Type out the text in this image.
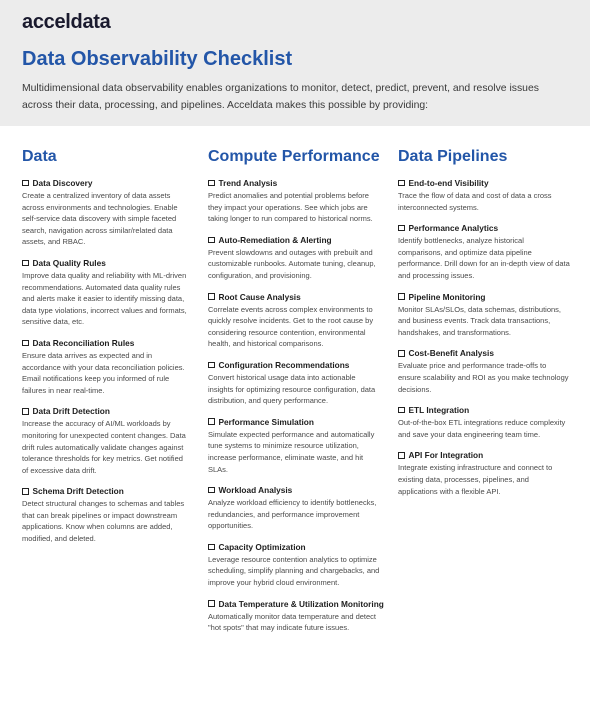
acceldata
Data Observability Checklist
Multidimensional data observability enables organizations to monitor, detect, predict, prevent, and resolve issues across their data, processing, and pipelines. Acceldata makes this possible by providing:
Data
Data Discovery
Create a centralized inventory of data assets across environments and technologies. Enable self-service data discovery with simple faceted search, navigation across similar/related data assets, and RBAC.
Data Quality Rules
Improve data quality and reliability with ML-driven recommendations. Automated data quality rules and alerts make it easier to identify missing data, data type violations, incorrect values and formats, sensitive data, etc.
Data Reconciliation Rules
Ensure data arrives as expected and in accordance with your data reconciliation policies. Email notifications keep you informed of rule failures in near real-time.
Data Drift Detection
Increase the accuracy of AI/ML workloads by monitoring for unexpected content changes. Data drift rules automatically validate changes against tolerance thresholds for key metrics. Get notified of excessive data drift.
Schema Drift Detection
Detect structural changes to schemas and tables that can break pipelines or impact downstream applications. Know when columns are added, modified, and deleted.
Compute Performance
Trend Analysis
Predict anomalies and potential problems before they impact your operations. See which jobs are taking longer to run compared to historical norms.
Auto-Remediation & Alerting
Prevent slowdowns and outages with prebuilt and customizable runbooks. Automate tuning, cleanup, configuration, and provisioning.
Root Cause Analysis
Correlate events across complex environments to quickly resolve incidents. Get to the root cause by considering resource contention, environmental health, and historical comparisons.
Configuration Recommendations
Convert historical usage data into actionable insights for optimizing resource configuration, data distribution, and query performance.
Performance Simulation
Simulate expected performance and automatically tune systems to minimize resource utilization, increase performance, eliminate waste, and hit SLAs.
Workload Analysis
Analyze workload efficiency to identify bottlenecks, redundancies, and performance improvement opportunities.
Capacity Optimization
Leverage resource contention analytics to optimize scheduling, simplify planning and chargebacks, and improve your hybrid cloud environment.
Data Temperature & Utilization Monitoring
Automatically monitor data temperature and detect "hot spots" that may indicate future issues.
Data Pipelines
End-to-end Visibility
Trace the flow of data and cost of data a cross interconnected systems.
Performance Analytics
Identify bottlenecks, analyze historical comparisons, and optimize data pipeline performance. Drill down for an in-depth view of data and processing issues.
Pipeline Monitoring
Monitor SLAs/SLOs, data schemas, distributions, and business events. Track data transactions, handshakes, and transformations.
Cost-Benefit Analysis
Evaluate price and performance trade-offs to ensure scalability and ROI as you make technology decisions.
ETL Integration
Out-of-the-box ETL integrations reduce complexity and save your data engineering team time.
API For Integration
Integrate existing infrastructure and connect to existing data, processes, pipelines, and applications with a flexible API.
